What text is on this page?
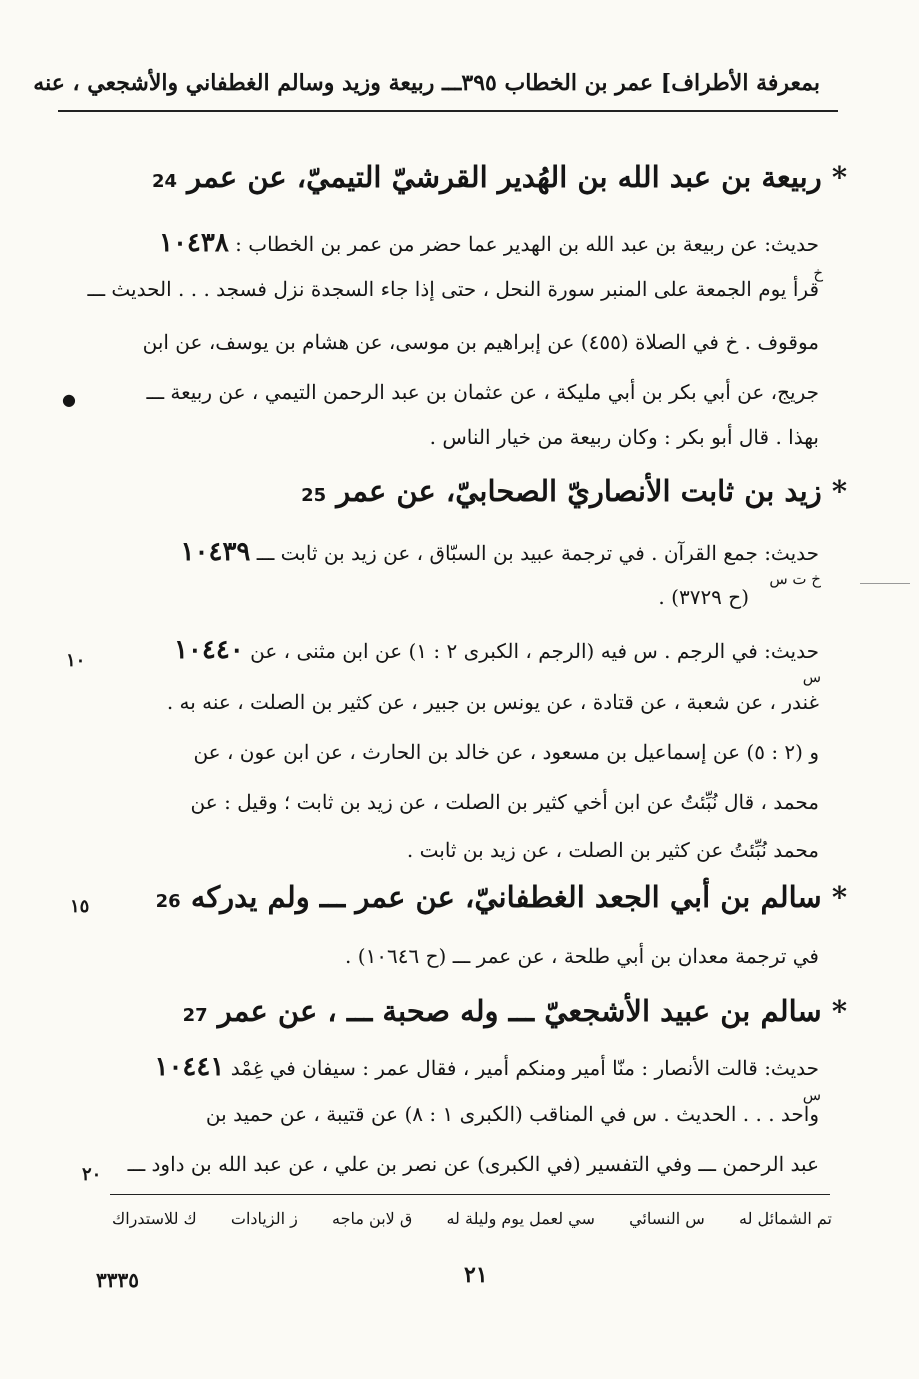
بمعرفة الأطراف] عمر بن الخطاب ٣٩٥ـــ ربيعة وزيد وسالم الغطفاني والأشجعي ، عنه
* ربيعة بن عبد الله بن الهُدير القرشيّ التيميّ، عن عمر 24
حديث: عن ربيعة بن عبد الله بن الهدير عما حضر من عمر بن الخطاب : ١٠٤٣٨
خ
قرأ يوم الجمعة على المنبر سورة النحل ، حتى إذا جاء السجدة نزل فسجد . . . الحديث ـــ
موقوف . خ في الصلاة (٤٥٥) عن إبراهيم بن موسى، عن هشام بن يوسف، عن ابن
جريج، عن أبي بكر بن أبي مليكة ، عن عثمان بن عبد الرحمن التيمي ، عن ربيعة ـــ
●
بهذا . قال أبو بكر : وكان ربيعة من خيار الناس .
* زيد بن ثابت الأنصاريّ الصحابيّ، عن عمر 25
حديث: جمع القرآن . في ترجمة عبيد بن السبّاق ، عن زيد بن ثابت ـــ ١٠٤٣٩
خ ت س
(ح ٣٧٢٩) .
حديث: في الرجم . س فيه (الرجم ، الكبرى ٢ : ١) عن ابن مثنى ، عن ١٠٤٤٠
١٠
س
غندر ، عن شعبة ، عن قتادة ، عن يونس بن جبير ، عن كثير بن الصلت ، عنه به .
و (٢ : ٥) عن إسماعيل بن مسعود ، عن خالد بن الحارث ، عن ابن عون ، عن
محمد ، قال نُبِّئتُ عن ابن أخي كثير بن الصلت ، عن زيد بن ثابت ؛ وقيل : عن
محمد نُبِّئتُ عن كثير بن الصلت ، عن زيد بن ثابت .
* سالم بن أبي الجعد الغطفانيّ، عن عمر ـــ ولم يدركه 26
١٥
في ترجمة معدان بن أبي طلحة ، عن عمر ـــ (ح ١٠٦٤٦) .
* سالم بن عبيد الأشجعيّ ـــ وله صحبة ـــ ، عن عمر 27
حديث: قالت الأنصار : منّا أمير ومنكم أمير ، فقال عمر : سيفان في غِمْد ١٠٤٤١
س
واحد . . . الحديث . س في المناقب (الكبرى ١ : ٨) عن قتيبة ، عن حميد بن
عبد الرحمن ـــ وفي التفسير (في الكبرى) عن نصر بن علي ، عن عبد الله بن داود ـــ
٢٠
تم الشمائل له
س النسائي
سي لعمل يوم وليلة له
ق لابن ماجه
ز الزيادات
ك للاستدراك
٢١
٣٣٣٥
